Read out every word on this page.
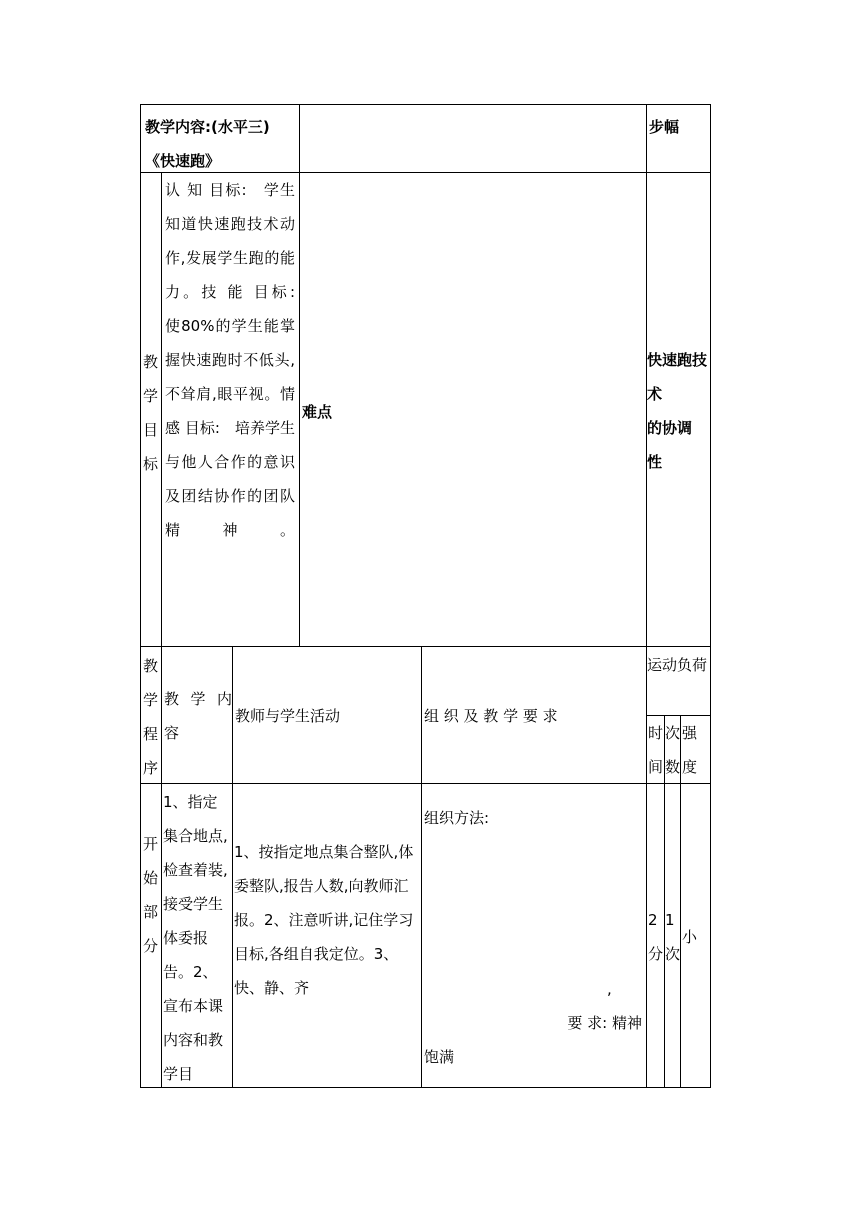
教学内容:(水平三)
《快速跑》
步幅
教学目标
认 知 目标:　学生知道快速跑技术动作,发展学生跑的能力。技 能 目标:　使80%的学生能掌握快速跑时不低头,不耸肩,眼平视。情 感 目标:　培养学生与他人合作的意识及团结协作的团队精神。
难点
快速跑技术
的协调
性
教学程序
教 学 内容
教师与学生活动	组 织 及 教 学 要 求
运动负荷
时间
次数
强度
开始部分
1、指定集合地点,检查着装,接受学生体委报告。2、宣布本课内容和教学目
1、按指定地点集合整队,体委整队,报告人数,向教师汇报。2、注意听讲,记住学习目标,各组自我定位。3、快、静、齐
组织方法:
,
要 求: 精神
饱满
2分
1次
小
